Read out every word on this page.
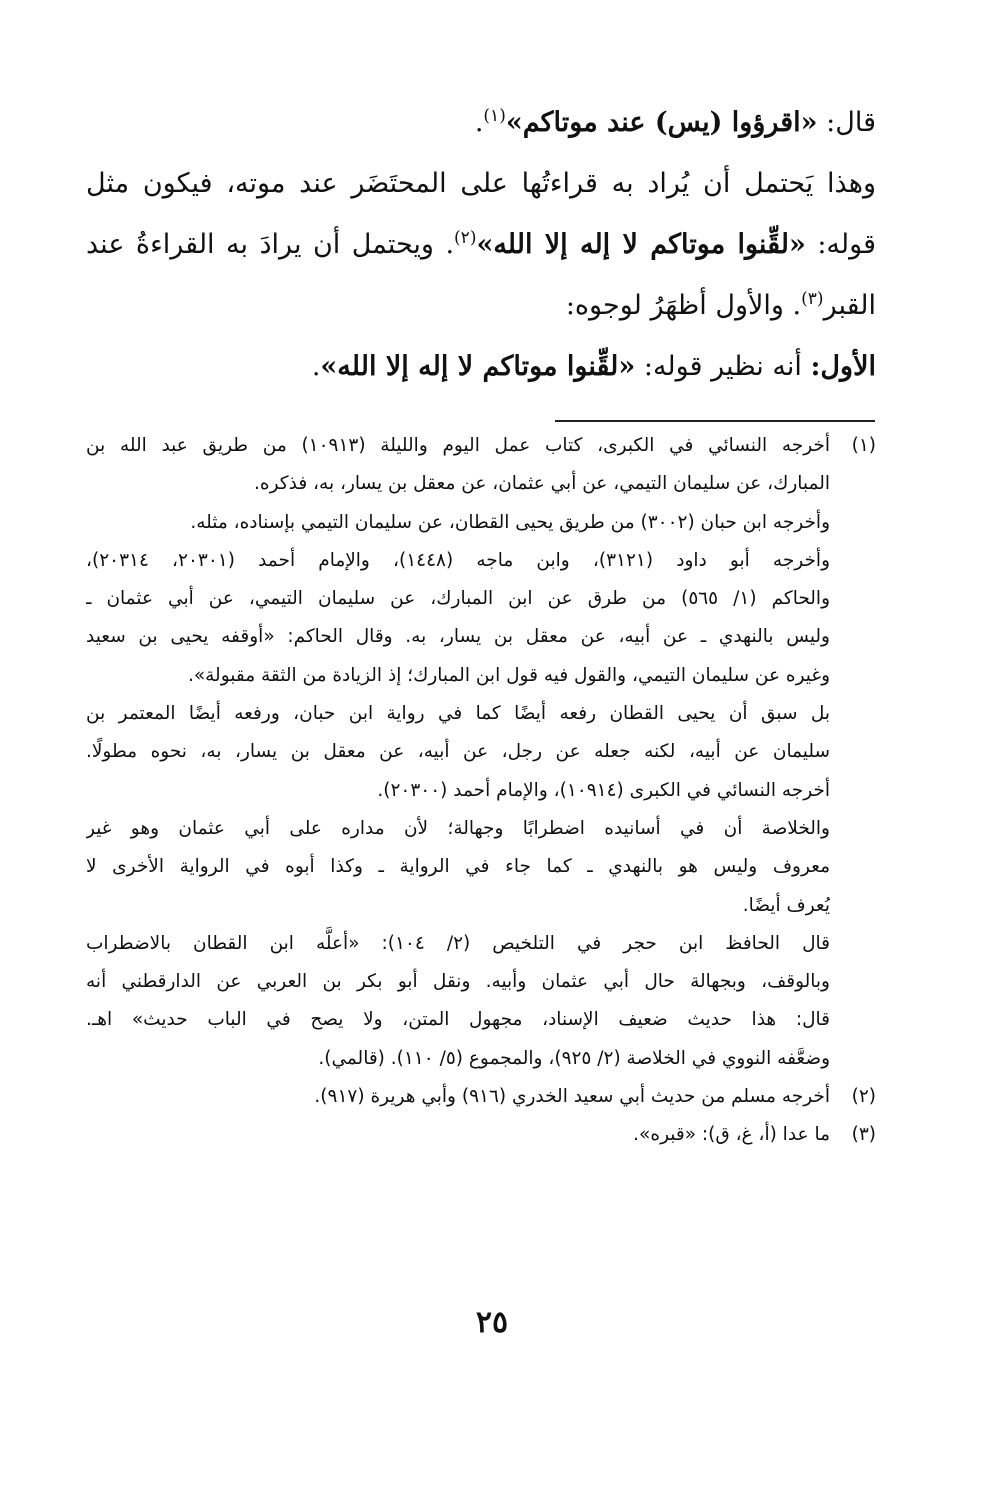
قال: «اقرؤوا (يس) عند موتاكم»$^{(١)}$.

وهذا يَحتمل أن يُراد به قراءتُها على المحتَضَر عند موته، فيكون مثل

قوله: «لقِّنوا موتاكم لا إله إلا الله»$^{(٢)}$. ويحتمل أن يرادَ به القراءةُ عند

القبر$^{(٣)}$. والأول أظهَرُ لوجوه:

الأول: أنه نظير قوله: «لقِّنوا موتاكم لا إله إلا الله».

(١)
أخرجه النسائي في الكبرى، كتاب عمل اليوم والليلة (١٠٩١٣) من طريق عبد الله بن
المبارك، عن سليمان التيمي، عن أبي عثمان، عن معقل بن يسار، به، فذكره.
وأخرجه ابن حبان (٣٠٠٢) من طريق يحيى القطان، عن سليمان التيمي بإسناده، مثله.
وأخرجه أبو داود (٣١٢١)، وابن ماجه (١٤٤٨)، والإمام أحمد (٢٠٣٠١، ٢٠٣١٤)،
والحاكم (١/ ٥٦٥) من طرق عن ابن المبارك، عن سليمان التيمي، عن أبي عثمان ـ
وليس بالنهدي ـ عن أبيه، عن معقل بن يسار، به. وقال الحاكم: «أوقفه يحيى بن سعيد
وغيره عن سليمان التيمي، والقول فيه قول ابن المبارك؛ إذ الزيادة من الثقة مقبولة».
بل سبق أن يحيى القطان رفعه أيضًا كما في رواية ابن حبان، ورفعه أيضًا المعتمر بن
سليمان عن أبيه، لكنه جعله عن رجل، عن أبيه، عن معقل بن يسار، به، نحوه مطولًا.
أخرجه النسائي في الكبرى (١٠٩١٤)، والإمام أحمد (٢٠٣٠٠).
والخلاصة أن في أسانيده اضطرابًا وجهالة؛ لأن مداره على أبي عثمان وهو غير
معروف وليس هو بالنهدي ـ كما جاء في الرواية ـ وكذا أبوه في الرواية الأخرى لا
يُعرف أيضًا.
قال الحافظ ابن حجر في التلخيص (٢/ ١٠٤): «أعلَّه ابن القطان بالاضطراب
وبالوقف، وبجهالة حال أبي عثمان وأبيه. ونقل أبو بكر بن العربي عن الدارقطني أنه
قال: هذا حديث ضعيف الإسناد، مجهول المتن، ولا يصح في الباب حديث» اهـ.
وضعَّفه النووي في الخلاصة (٢/ ٩٢٥)، والمجموع (٥/ ١١٠). (قالمي).
(٢)
أخرجه مسلم من حديث أبي سعيد الخدري (٩١٦) وأبي هريرة (٩١٧).
(٣)
ما عدا (أ، غ، ق): «قبره».
٢٥
